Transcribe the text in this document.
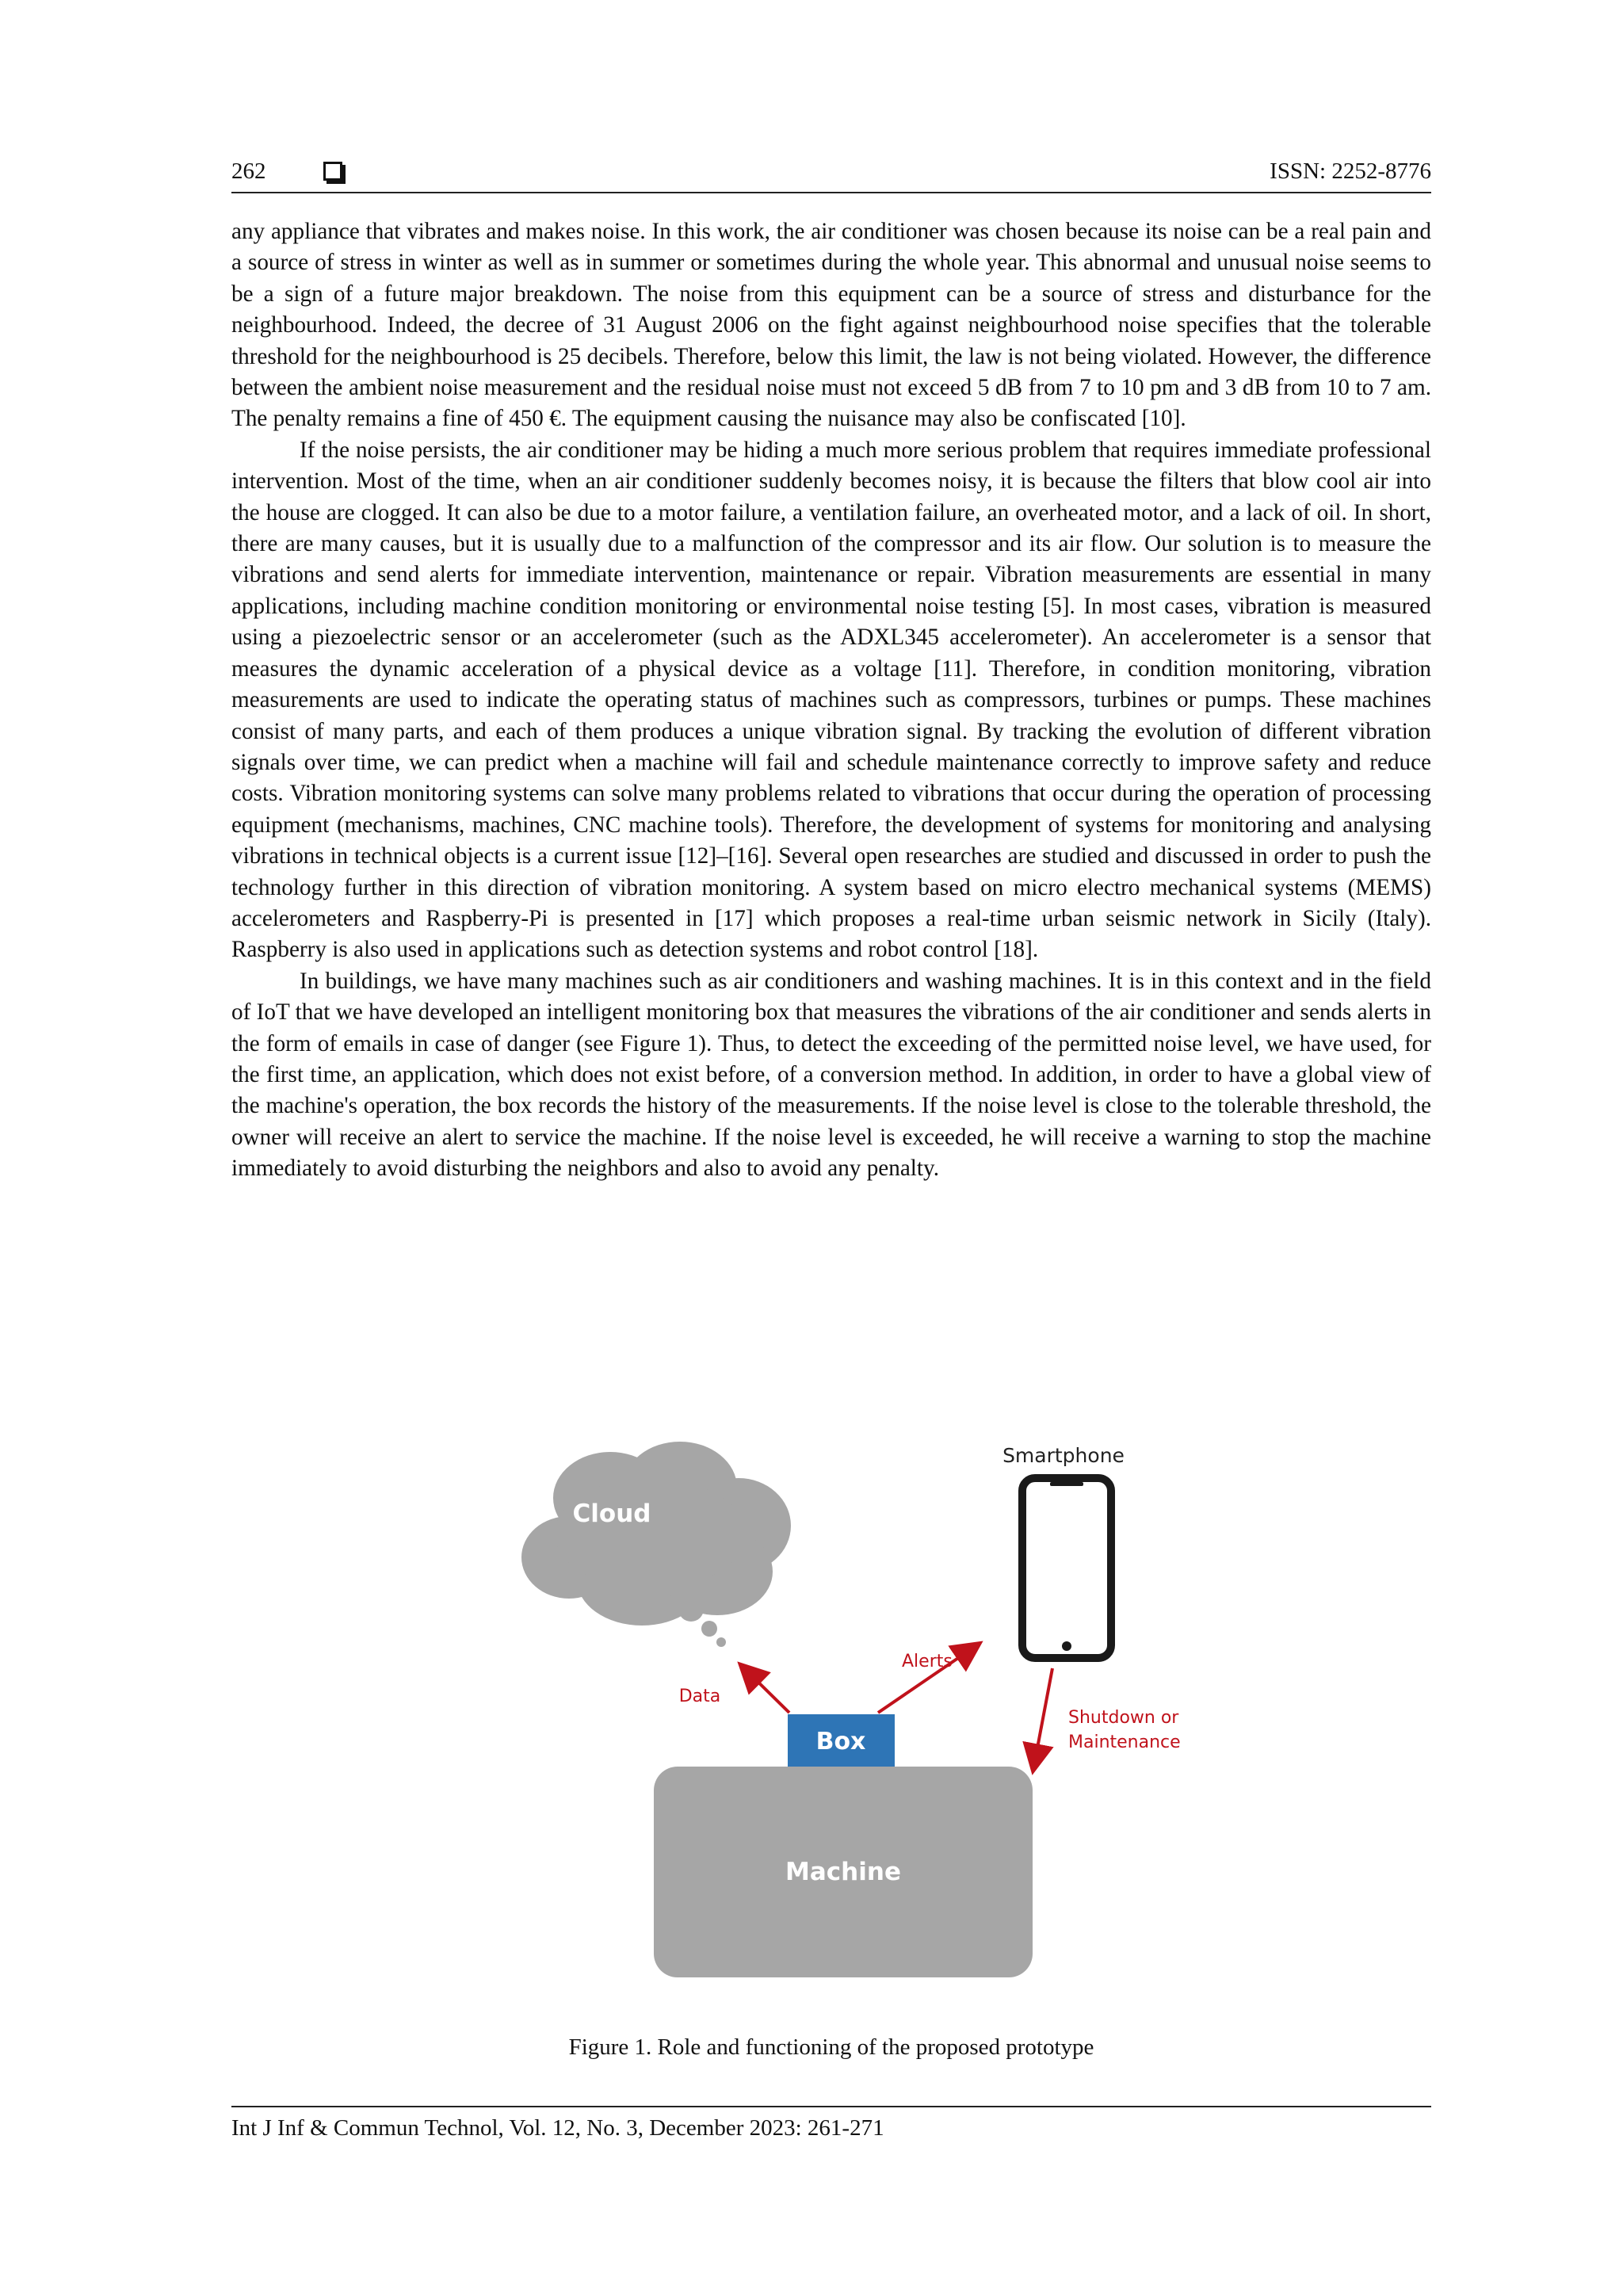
262	ISSN: 2252-8776

any appliance that vibrates and makes noise. In this work, the air conditioner was chosen because its noise can be a real pain and a source of stress in winter as well as in summer or sometimes during the whole year. This abnormal and unusual noise seems to be a sign of a future major breakdown. The noise from this equipment can be a source of stress and disturbance for the neighbourhood. Indeed, the decree of 31 August 2006 on the fight against neighbourhood noise specifies that the tolerable threshold for the neighbourhood is 25 decibels. Therefore, below this limit, the law is not being violated. However, the difference between the ambient noise measurement and the residual noise must not exceed 5 dB from 7 to 10 pm and 3 dB from 10 to 7 am. The penalty remains a fine of 450 €. The equipment causing the nuisance may also be confiscated [10].

If the noise persists, the air conditioner may be hiding a much more serious problem that requires immediate professional intervention. Most of the time, when an air conditioner suddenly becomes noisy, it is because the filters that blow cool air into the house are clogged. It can also be due to a motor failure, a ventilation failure, an overheated motor, and a lack of oil. In short, there are many causes, but it is usually due to a malfunction of the compressor and its air flow. Our solution is to measure the vibrations and send alerts for immediate intervention, maintenance or repair. Vibration measurements are essential in many applications, including machine condition monitoring or environmental noise testing [5]. In most cases, vibration is measured using a piezoelectric sensor or an accelerometer (such as the ADXL345 accelerometer). An accelerometer is a sensor that measures the dynamic acceleration of a physical device as a voltage [11]. Therefore, in condition monitoring, vibration measurements are used to indicate the operating status of machines such as compressors, turbines or pumps. These machines consist of many parts, and each of them produces a unique vibration signal. By tracking the evolution of different vibration signals over time, we can predict when a machine will fail and schedule maintenance correctly to improve safety and reduce costs. Vibration monitoring systems can solve many problems related to vibrations that occur during the operation of processing equipment (mechanisms, machines, CNC machine tools). Therefore, the development of systems for monitoring and analysing vibrations in technical objects is a current issue [12]–[16]. Several open researches are studied and discussed in order to push the technology further in this direction of vibration monitoring. A system based on micro electro mechanical systems (MEMS) accelerometers and Raspberry-Pi is presented in [17] which proposes a real-time urban seismic network in Sicily (Italy). Raspberry is also used in applications such as detection systems and robot control [18].

In buildings, we have many machines such as air conditioners and washing machines. It is in this context and in the field of IoT that we have developed an intelligent monitoring box that measures the vibrations of the air conditioner and sends alerts in the form of emails in case of danger (see Figure 1). Thus, to detect the exceeding of the permitted noise level, we have used, for the first time, an application, which does not exist before, of a conversion method. In addition, in order to have a global view of the machine's operation, the box records the history of the measurements. If the noise level is close to the tolerable threshold, the owner will receive an alert to service the machine. If the noise level is exceeded, he will receive a warning to stop the machine immediately to avoid disturbing the neighbors and also to avoid any penalty.

Cloud
Smartphone
Data
Alerts
Shutdown or
Maintenance
Box
Machine
Figure 1. Role and functioning of the proposed prototype
Int J Inf & Commun Technol, Vol. 12, No. 3, December 2023: 261-271
